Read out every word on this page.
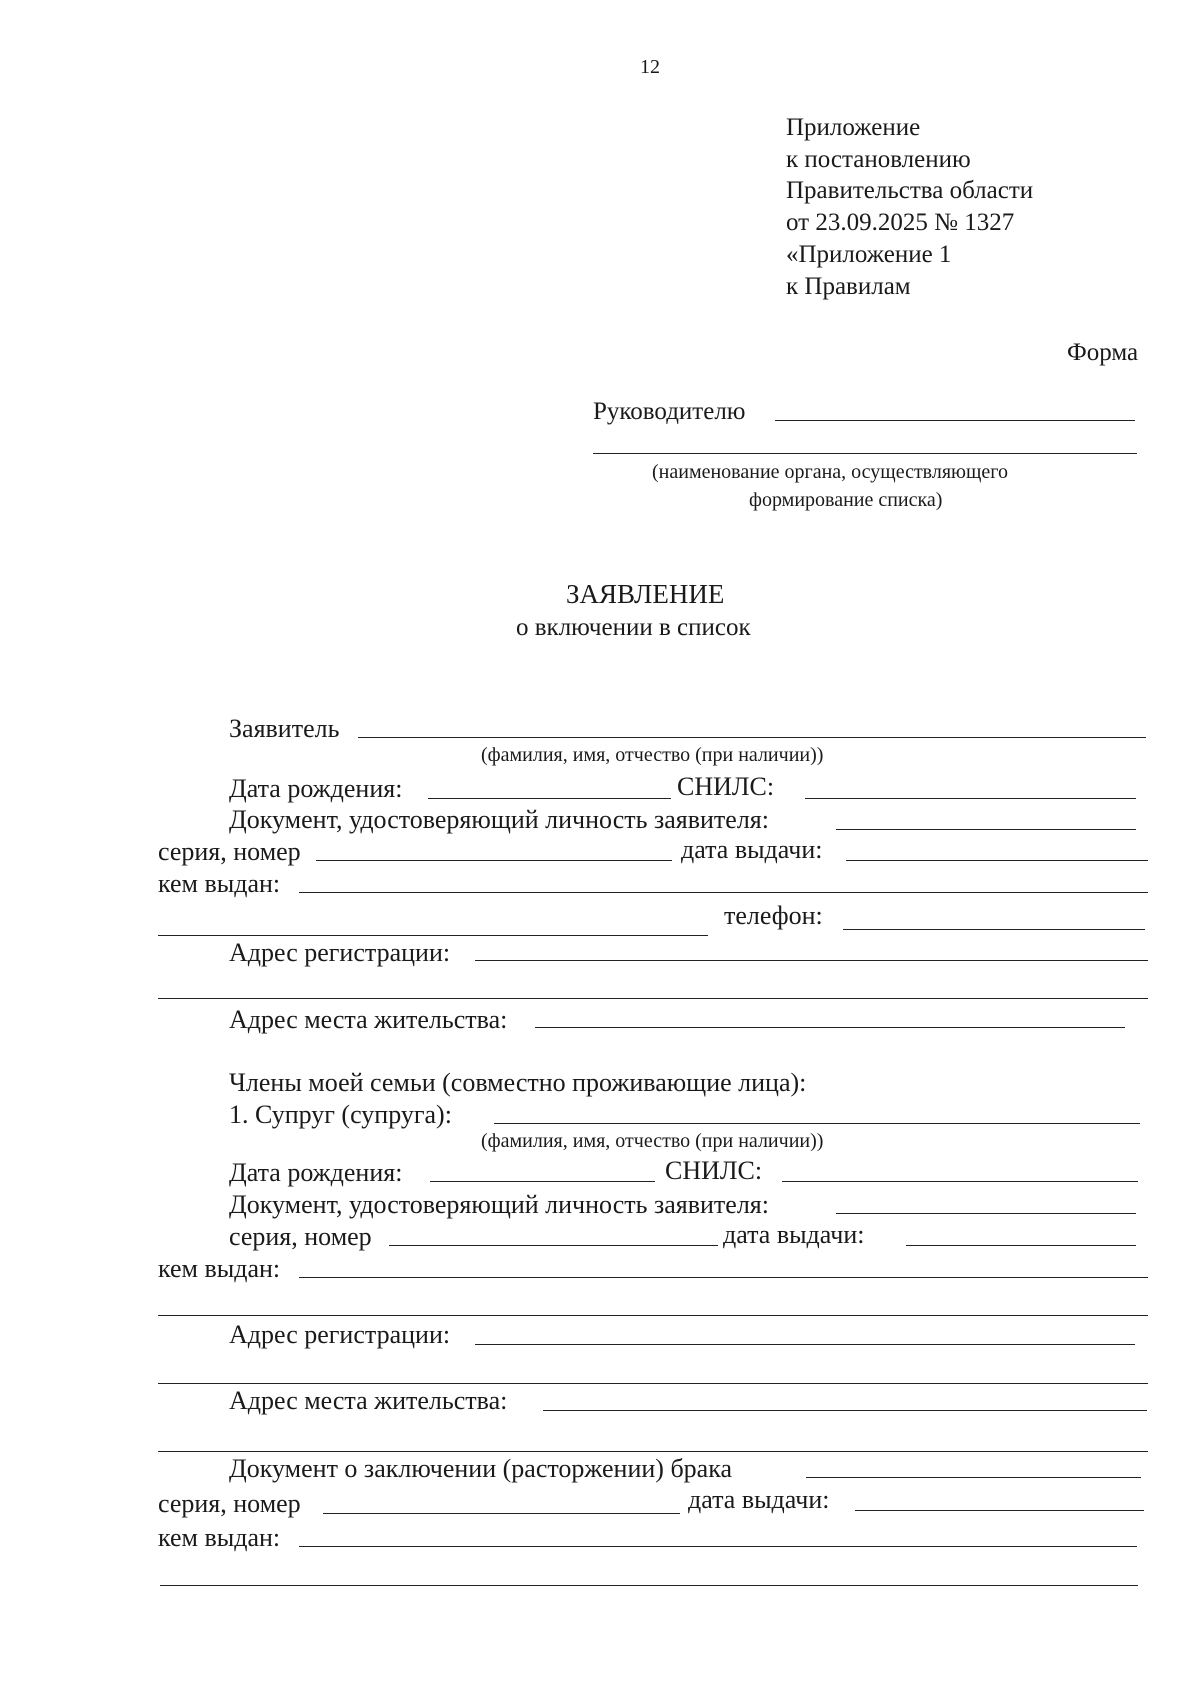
12
Приложение
к постановлению
Правительства области
от 23.09.2025 № 1327
«Приложение 1
к Правилам
Форма
Руководителю
(наименование органа, осуществляющего
формирование списка)
ЗАЯВЛЕНИЕ
о включении в список
Заявитель
(фамилия, имя, отчество (при наличии))
Дата рождения:	СНИЛС:
Документ, удостоверяющий личность заявителя:
серия, номер	дата выдачи:
кем выдан:
телефон:
Адрес регистрации:
Адрес места жительства:
Члены моей семьи (совместно проживающие лица):
1. Супруг (супруга):
(фамилия, имя, отчество (при наличии))
Дата рождения:	СНИЛС:
Документ, удостоверяющий личность заявителя:
серия, номер	дата выдачи:
кем выдан:
Адрес регистрации:
Адрес места жительства:
Документ о заключении (расторжении) брака
серия, номер	дата выдачи:
кем выдан:
